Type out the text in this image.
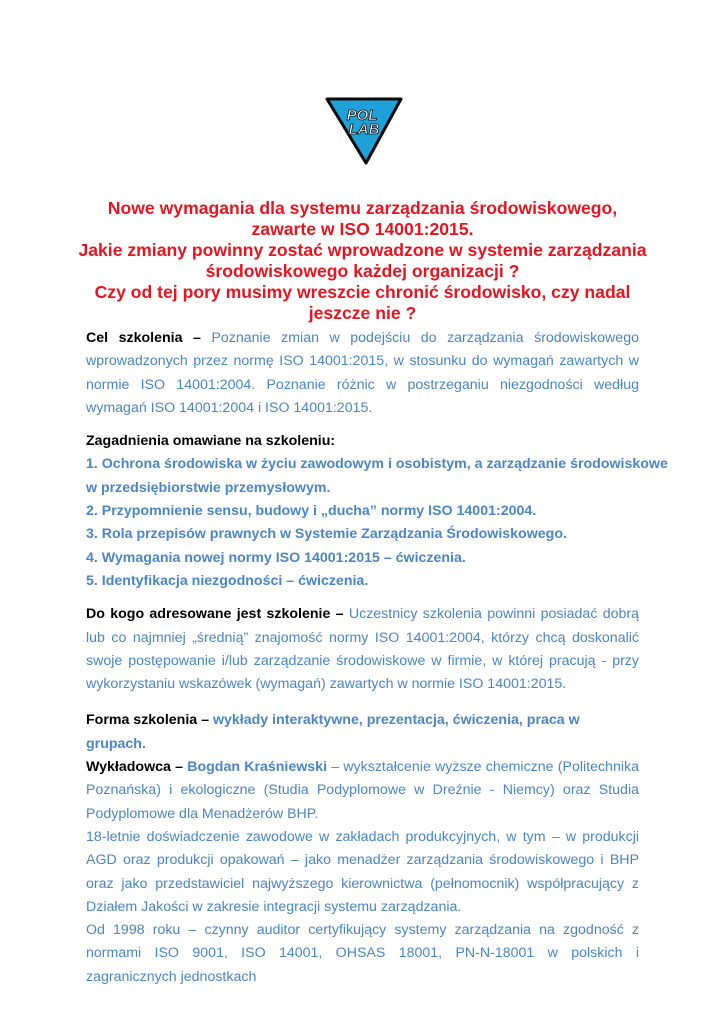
POL
LAB
Nowe wymagania dla systemu zarządzania środowiskowego,
zawarte w ISO 14001:2015.
Jakie zmiany powinny zostać wprowadzone w systemie zarządzania
środowiskowego każdej organizacji ?
Czy od tej pory musimy wreszcie chronić środowisko, czy nadal
jeszcze nie ?

Cel szkolenia – Poznanie zmian w podejściu do zarządzania środowiskowego wprowadzonych przez normę ISO 14001:2015, w stosunku do wymagań zawartych w normie ISO 14001:2004. Poznanie różnic w postrzeganiu niezgodności według wymagań ISO 14001:2004 i ISO 14001:2015.

Zagadnienia omawiane na szkoleniu:

1. Ochrona środowiska w życiu zawodowym i osobistym, a zarządzanie środowiskowe

w przedsiębiorstwie przemysłowym.

2. Przypomnienie sensu, budowy i „ducha” normy ISO 14001:2004.

3. Rola przepisów prawnych w Systemie Zarządzania Środowiskowego.

4. Wymagania nowej normy ISO 14001:2015 – ćwiczenia.

5. Identyfikacja niezgodności – ćwiczenia.

Do kogo adresowane jest szkolenie – Uczestnicy szkolenia powinni posiadać dobrą lub co najmniej „średnią” znajomość normy ISO 14001:2004, którzy chcą doskonalić swoje postępowanie i/lub zarządzanie środowiskowe w firmie, w której pracują - przy wykorzystaniu wskazówek (wymagań) zawartych w normie ISO 14001:2015.

Forma szkolenia – wykłady interaktywne, prezentacja, ćwiczenia, praca w grupach.

Wykładowca – Bogdan Kraśniewski – wykształcenie wyższe chemiczne (Politechnika Poznańska) i ekologiczne (Studia Podyplomowe w Dreźnie - Niemcy) oraz Studia Podyplomowe dla Menadżerów BHP.

18-letnie doświadczenie zawodowe w zakładach produkcyjnych, w tym – w produkcji AGD oraz produkcji opakowań – jako menadżer zarządzania środowiskowego i BHP oraz jako przedstawiciel najwyższego kierownictwa (pełnomocnik) współpracujący z Działem Jakości w zakresie integracji systemu zarządzania.

Od 1998 roku – czynny auditor certyfikujący systemy zarządzania na zgodność z normami ISO 9001, ISO 14001, OHSAS 18001, PN-N-18001 w polskich i zagranicznych jednostkach
